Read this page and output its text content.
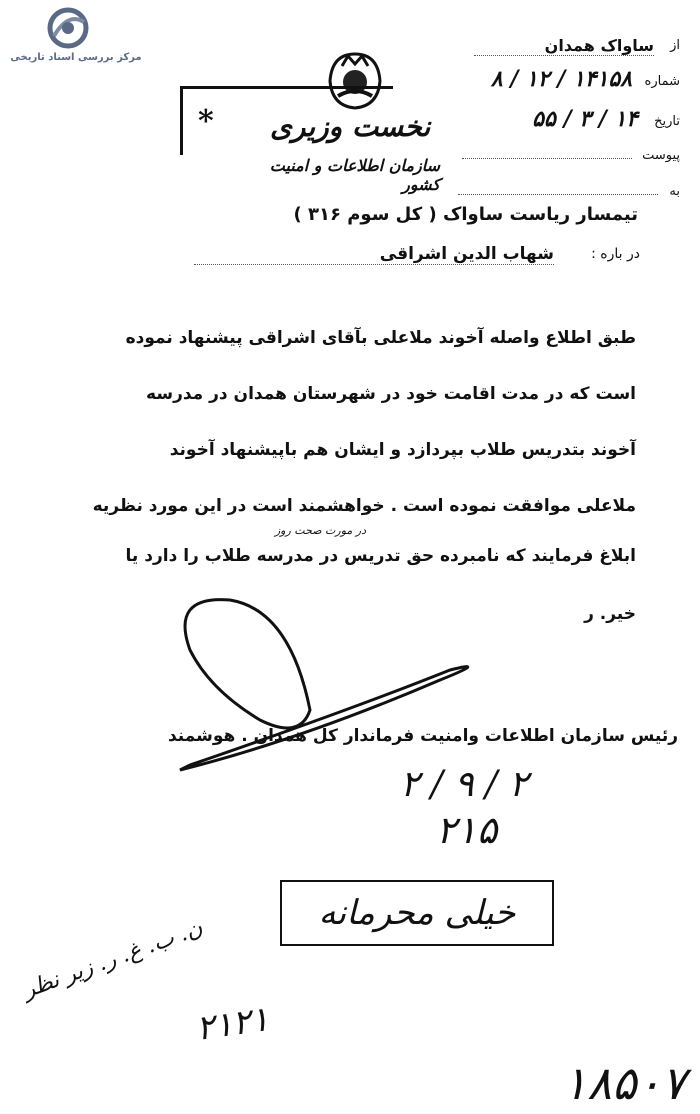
مرکز بررسی اسناد تاریخی
نخست وزیری
سازمان اطلاعات و امنیت کشور
*
از
ساواک همدان
شماره
۱۴۱۵۸ / ۱۲ / ۸
تاریخ
۱۴ / ۳ / ۵۵
پیوست
به
تیمسار ریاست ساواک ( کل سوم ۳۱۶ )
در باره :
شهاب الدین اشراقی
طبق اطلاع واصله آخوند ملاعلی بآقای اشراقی پیشنهاد نموده
است که در مدت اقامت خود در شهرستان همدان در مدرسه
آخوند بتدریس طلاب بپردازد و ایشان هم باپیشنهاد آخوند
ملاعلی موافقت نموده است . خواهشمند است در این مورد نظریه
در مورت صحت روز
ابلاغ فرمایند که نامبرده حق تدریس در مدرسه طلاب را دارد یا
خیر. ر
رئیس سازمان اطلاعات وامنیت فرماندار کل همدان . هوشمند
۲ / ۹ / ۲
۲۱۵
خیلی محرمانه
ن. ب. غ. ر. زیر نظر
۲۱۲۱
۱۸۵۰۷
